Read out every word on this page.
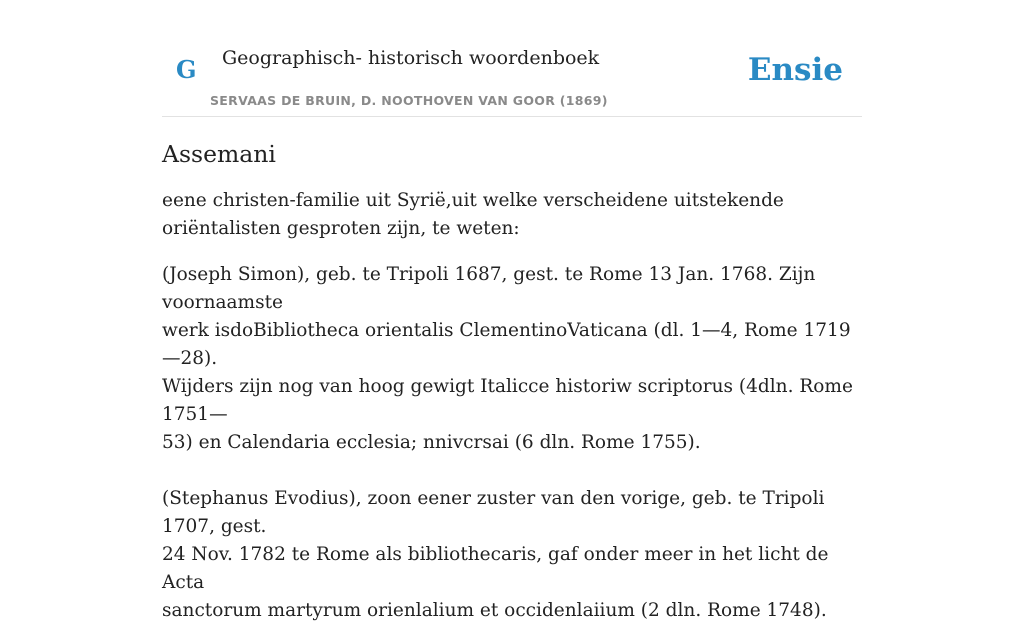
G Geographisch- historisch woordenboek
SERVAAS DE BRUIN, D. NOOTHOVEN VAN GOOR (1869)
Ensie
Assemani

eene christen-familie uit Syrië,uit welke verscheidene uitstekende oriëntalisten gesproten zijn, te weten:

(Joseph Simon), geb. te Tripoli 1687, gest. te Rome 13 Jan. 1768. Zijn voornaamste
werk isdoBibliotheca orientalis ClementinoVaticana (dl. 1—4, Rome 1719—28).
Wijders zijn nog van hoog gewigt Italicce historiw scriptorus (4dln. Rome 1751—
53) en Calendaria ecclesia; nnivcrsai (6 dln. Rome 1755).

(Stephanus Evodius), zoon eener zuster van den vorige, geb. te Tripoli 1707, gest.
24 Nov. 1782 te Rome als bibliothecaris, gaf onder meer in het licht de Acta
sanctorum martyrum orienlalium et occidenlaiium (2 dln. Rome 1748).
